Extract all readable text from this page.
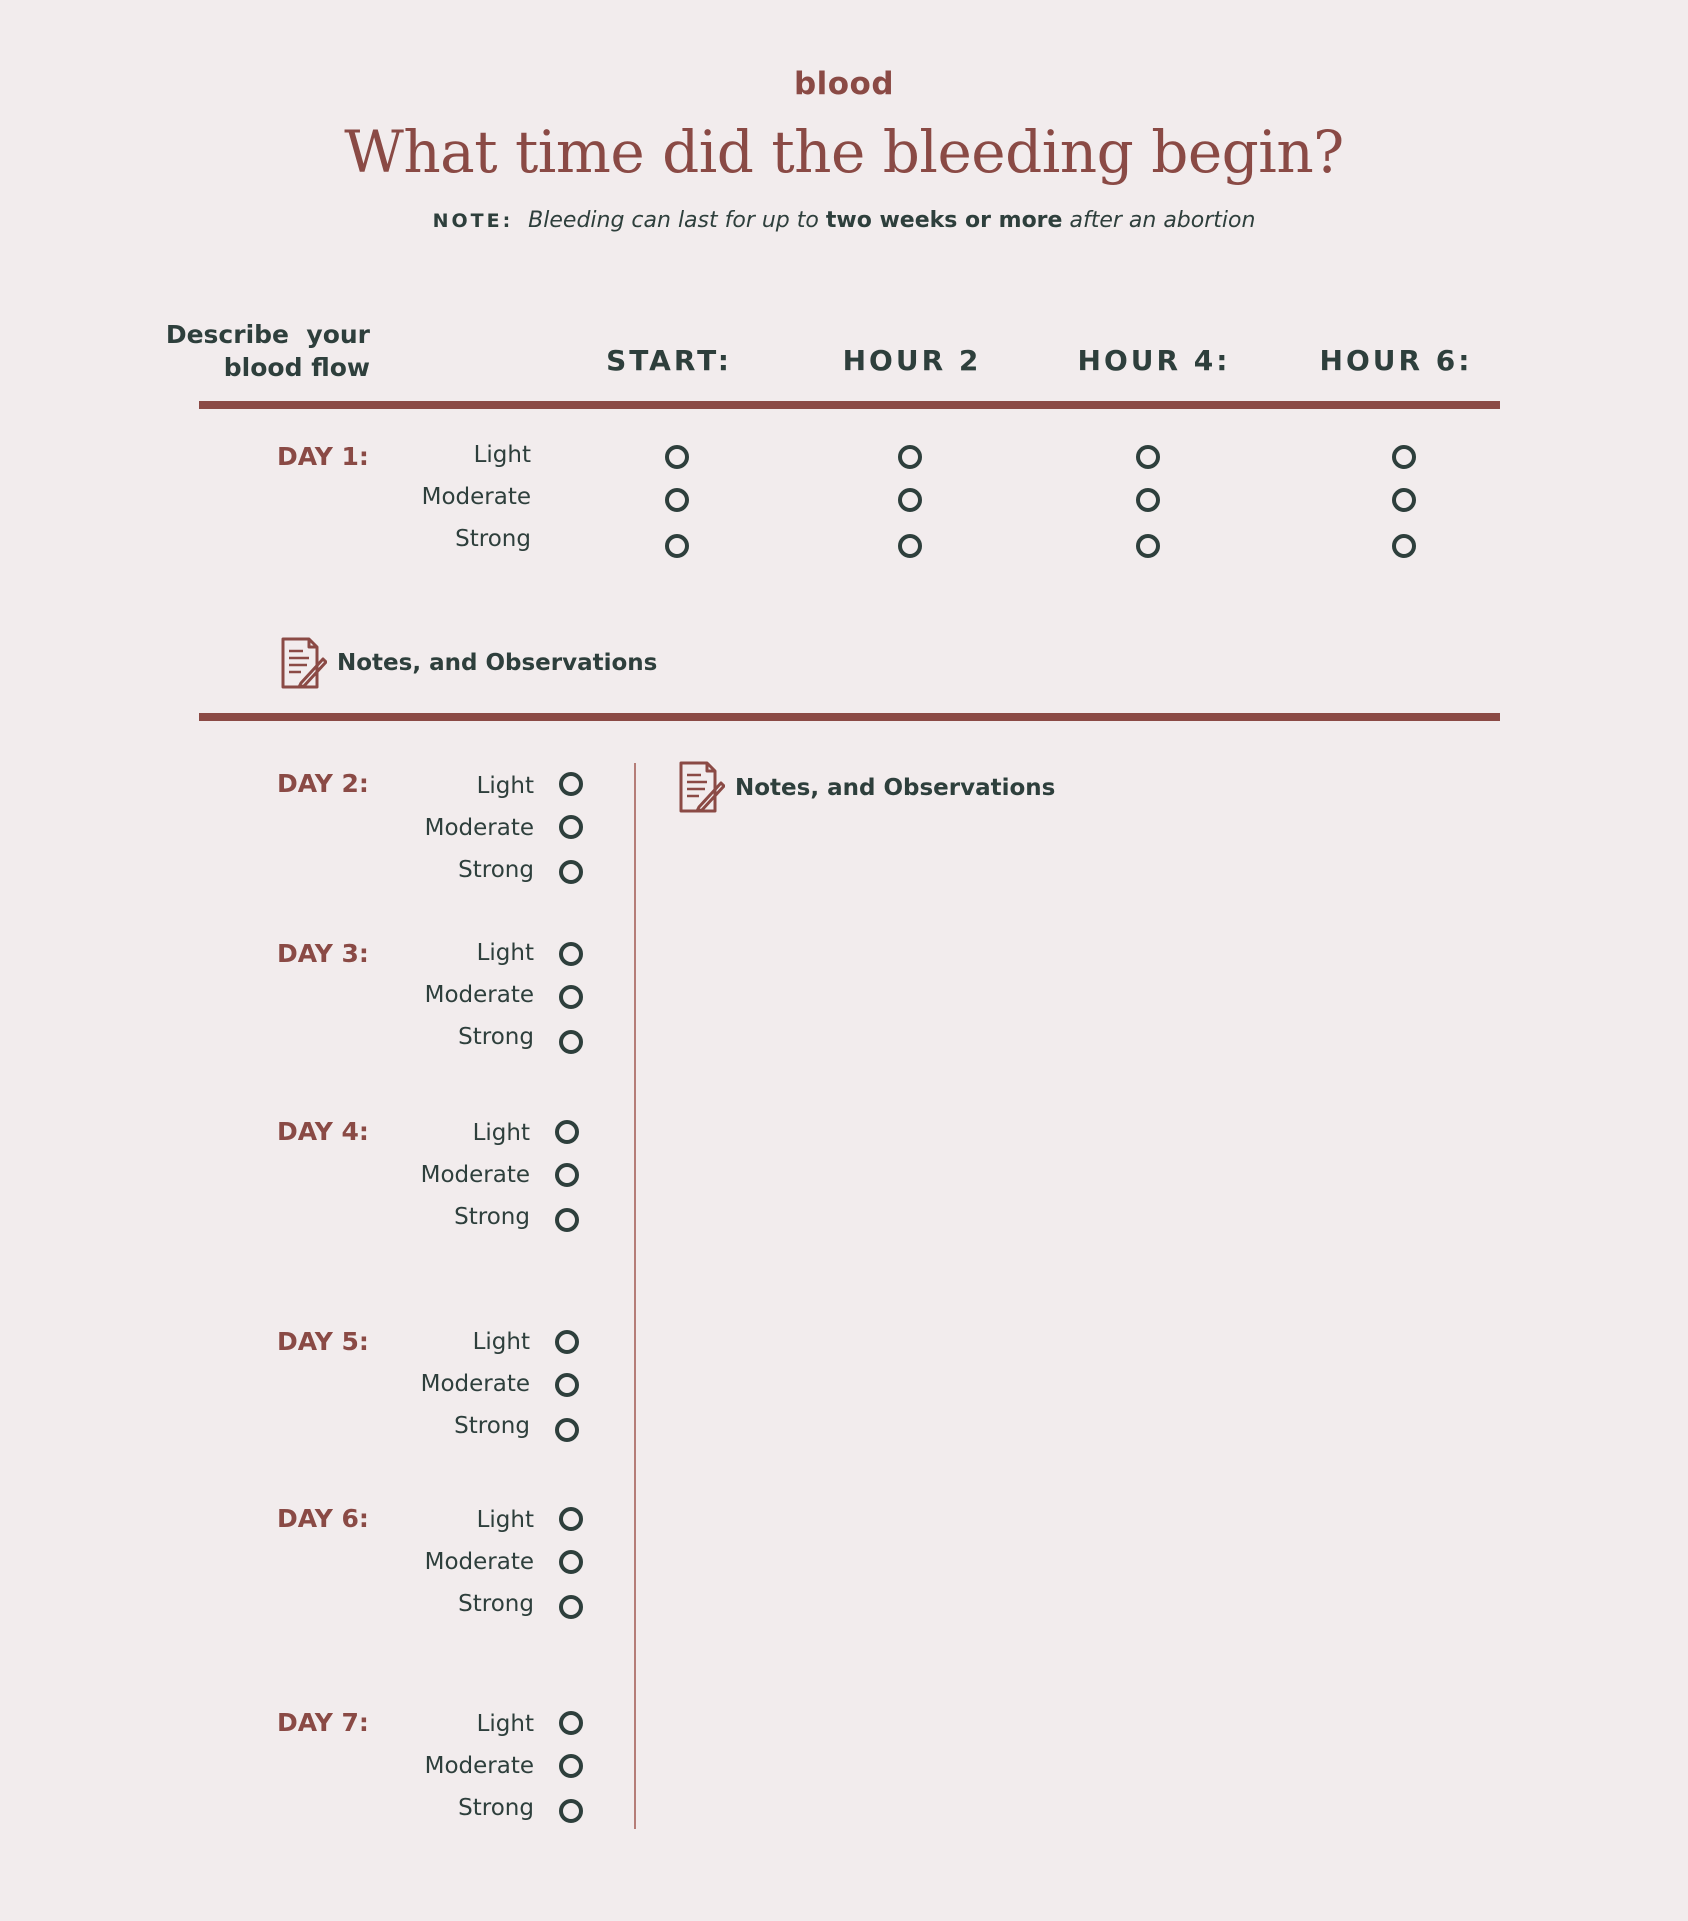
blood
What time did the bleeding begin?
NOTE: Bleeding can last for up to two weeks or more after an abortion
Describe  your
blood flow	START:	HOUR 2	HOUR 4:	HOUR 6:
DAY 1:	Light
Moderate
Strong
Notes, and Observations
Notes, and Observations
DAY 2:	Light
Moderate
Strong
DAY 3:	Light
Moderate
Strong
DAY 4:	Light
Moderate
Strong
DAY 5:	Light
Moderate
Strong
DAY 6:	Light
Moderate
Strong
DAY 7:	Light
Moderate
Strong
